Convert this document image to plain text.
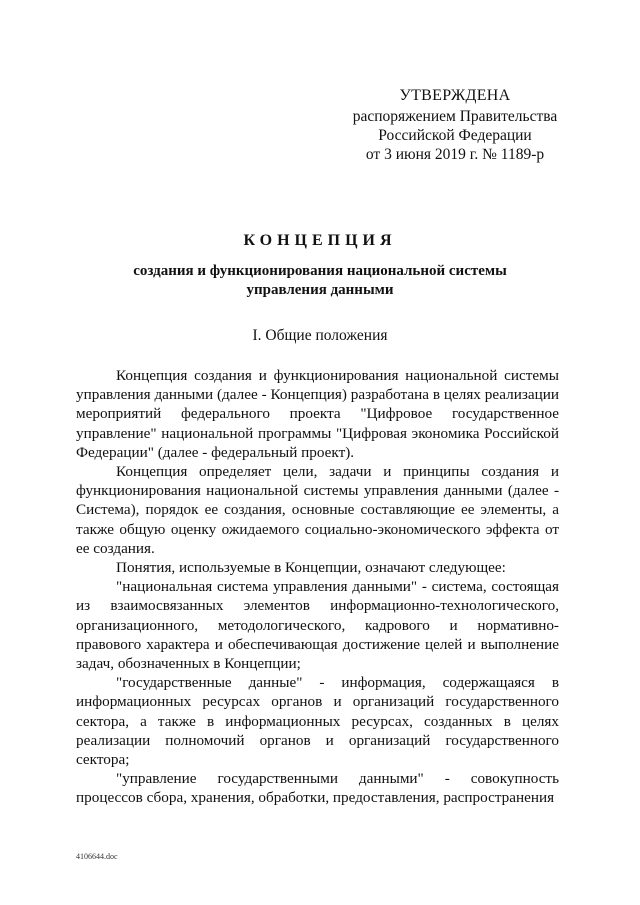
УТВЕРЖДЕНА
распоряжением Правительства
Российской Федерации
от 3 июня 2019 г. № 1189-р
КОНЦЕПЦИЯ
создания и функционирования национальной системы
управления данными
I. Общие положения

Концепция создания и функционирования национальной системы управления данными (далее - Концепция) разработана в целях реализации мероприятий федерального проекта "Цифровое государственное управление" национальной программы "Цифровая экономика Российской Федерации" (далее - федеральный проект).

Концепция определяет цели, задачи и принципы создания и функционирования национальной системы управления данными (далее - Система), порядок ее создания, основные составляющие ее элементы, а также общую оценку ожидаемого социально-экономического эффекта от ее создания.

Понятия, используемые в Концепции, означают следующее:

"национальная система управления данными" - система, состоящая из взаимосвязанных элементов информационно-технологического, организационного, методологического, кадрового и нормативно-правового характера и обеспечивающая достижение целей и выполнение задач, обозначенных в Концепции;

"государственные данные" - информация, содержащаяся в информационных ресурсах органов и организаций государственного сектора, а также в информационных ресурсах, созданных в целях реализации полномочий органов и организаций государственного сектора;

"управление государственными данными" - совокупность процессов сбора, хранения, обработки, предоставления, распространения

4106644.doc
